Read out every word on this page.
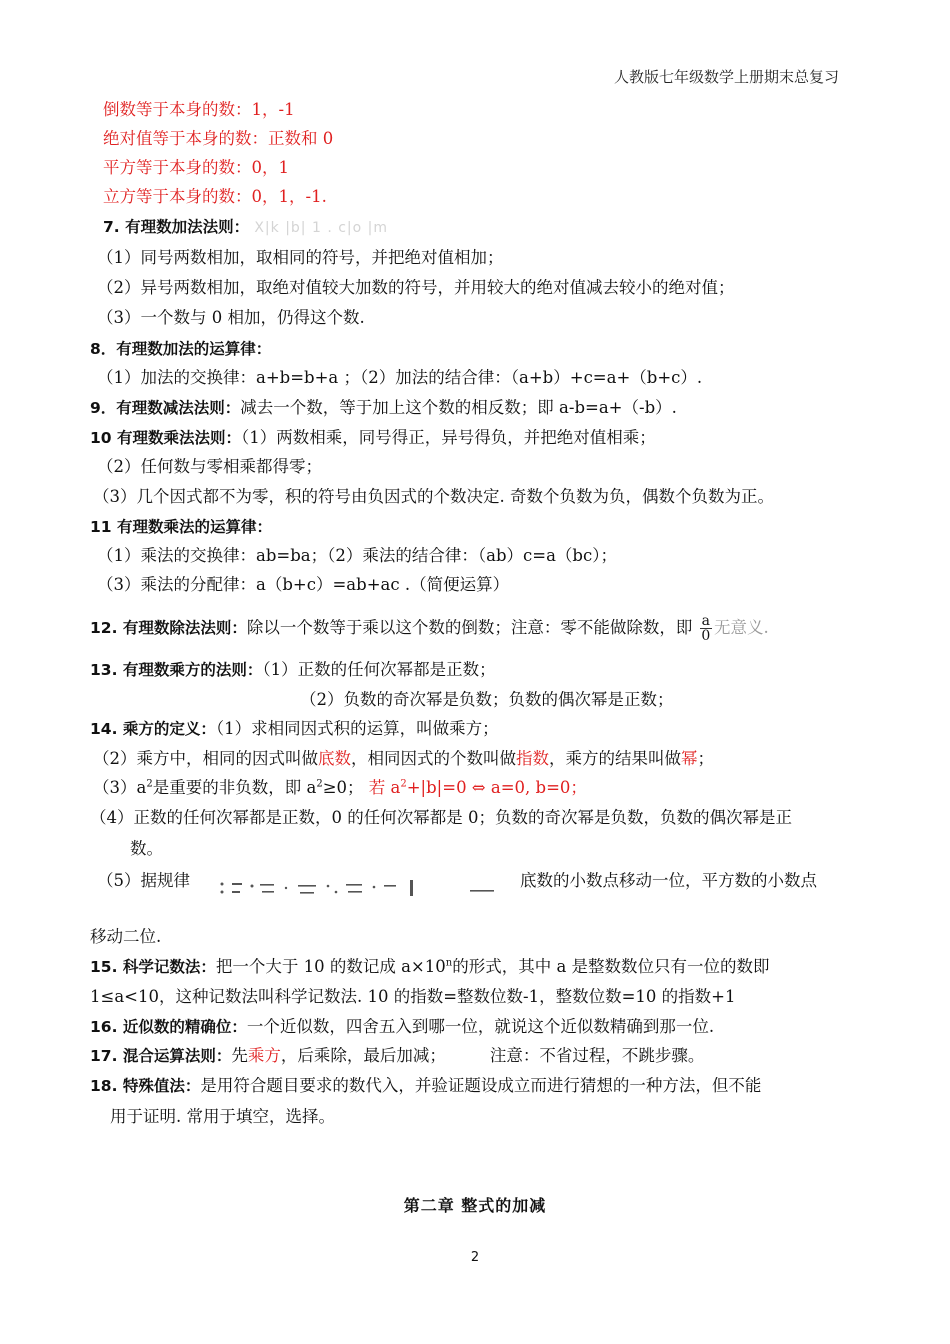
人教版七年级数学上册期末总复习
倒数等于本身的数：1，-1
绝对值等于本身的数：正数和 0
平方等于本身的数：0，1
立方等于本身的数：0，1，-1.
7. 有理数加法法则： X|k |b| 1 . c|o |m
（1）同号两数相加，取相同的符号，并把绝对值相加；
（2）异号两数相加，取绝对值较大加数的符号，并用较大的绝对值减去较小的绝对值；
（3）一个数与 0 相加，仍得这个数.
8．有理数加法的运算律：
（1）加法的交换律：a+b=b+a ；（2）加法的结合律：（a+b）+c=a+（b+c）.
9．有理数减法法则：减去一个数，等于加上这个数的相反数；即 a-b=a+（-b）.
10 有理数乘法法则：（1）两数相乘，同号得正，异号得负，并把绝对值相乘；
（2）任何数与零相乘都得零；
（3）几个因式都不为零，积的符号由负因式的个数决定. 奇数个负数为负，偶数个负数为正。
11 有理数乘法的运算律：
（1）乘法的交换律：ab=ba；（2）乘法的结合律：（ab）c=a（bc）；
（3）乘法的分配律：a（b+c）=ab+ac .（简便运算）
12. 有理数除法法则：除以一个数等于乘以这个数的倒数；注意：零不能做除数，即 $\frac{a}{0}$ 无意义.
13. 有理数乘方的法则：（1）正数的任何次幂都是正数；
（2）负数的奇次幂是负数；负数的偶次幂是正数；
14. 乘方的定义：（1）求相同因式积的运算，叫做乘方；
（2）乘方中，相同的因式叫做底数，相同因式的个数叫做指数，乘方的结果叫做幂；
$(3)a^2$是重要的非负数，即 $a^2\ge 0$； 若 $a^2+|b|=0$ ⇔ a=0, b=0；
（4）正数的任何次幂都是正数，0 的任何次幂都是 0；负数的奇次幂是负数，负数的偶次幂是正
数。
（5）据规律	底数的小数点移动一位，平方数的小数点
移动二位.
15. 科学记数法：把一个大于 10 的数记成 $a\times 10^n$的形式，其中 a 是整数数位只有一位的数即
1≤a<10，这种记数法叫科学记数法. 10 的指数=整数位数-1，整数位数=10 的指数+1
16. 近似数的精确位：一个近似数，四舍五入到哪一位，就说这个近似数精确到那一位.
17. 混合运算法则：先乘方，后乘除，最后加减；	注意：不省过程，不跳步骤。
18. 特殊值法：是用符合题目要求的数代入，并验证题设成立而进行猜想的一种方法，但不能
用于证明. 常用于填空，选择。
第二章 整式的加减
2
